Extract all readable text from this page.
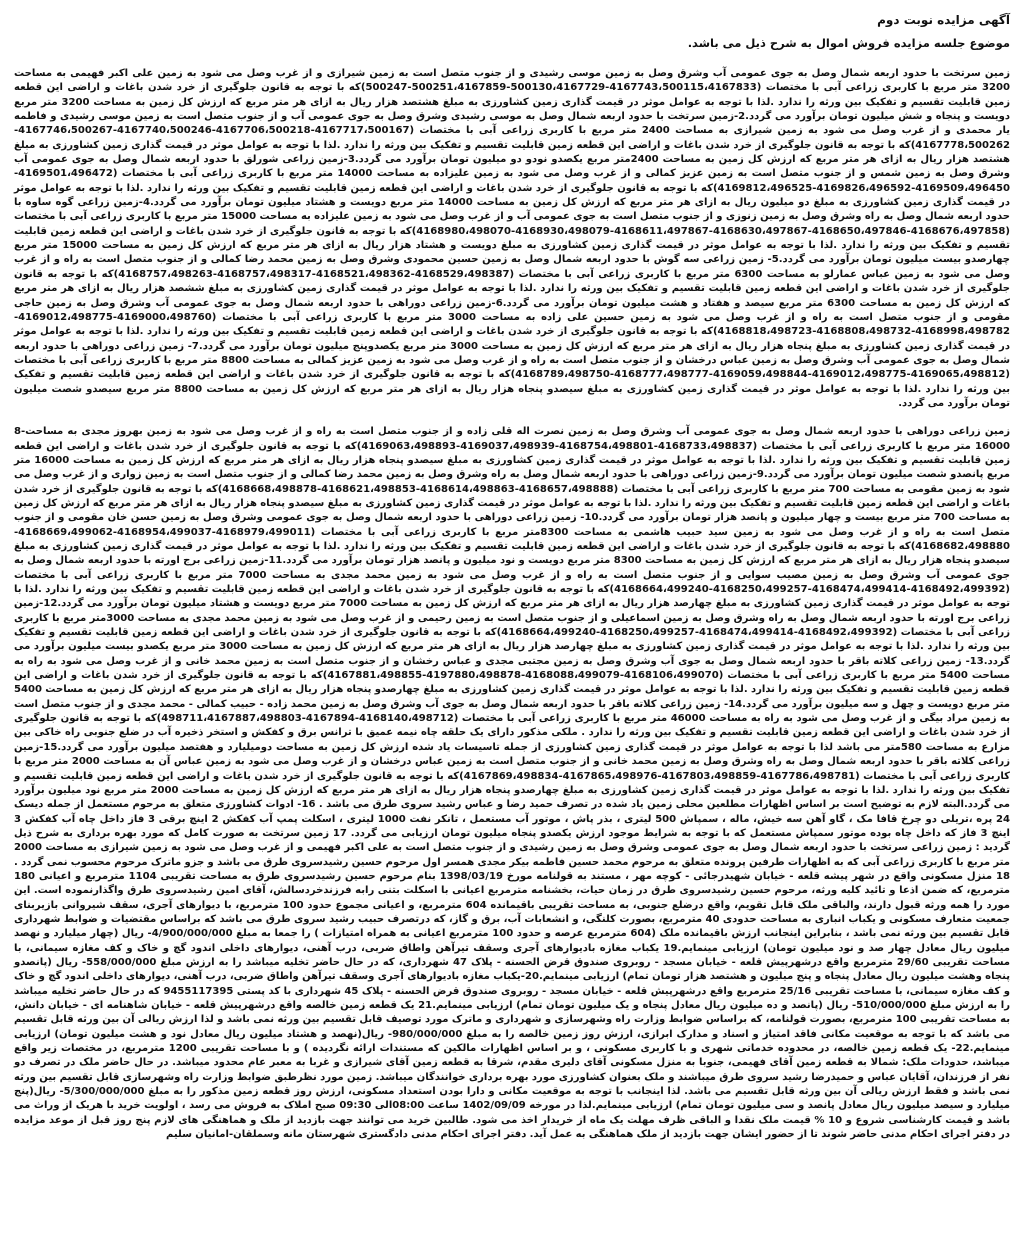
آگهی مزایده نوبت دوم

موضوع جلسه مزایده فروش اموال به شرح ذیل می باشد.

زمین سرتخت با حدود اربعه شمال وصل به جوی عمومی آب وشرق وصل به زمین موسی رشیدی و از جنوب متصل است به زمین شیرازی و از غرب وصل می شود به زمین علی اکبر فهیمی به مساحت 3200 متر مربع با کاربری زراعی آبی با مختصات (4167743،500115،4167833-500130،4167729-500251،4167859-500247)که با توجه به قانون جلوگیری از خرد شدن باغات و اراضی این قطعه زمین قابلیت تقسیم و تفکیک بین ورثه را ندارد .لذا با توجه به عوامل موثر در قیمت گذاری زمین کشاورزی به مبلغ هشتصد هزار ریال به ازای هر متر مربع که ارزش کل زمین به مساحت 3200 متر مربع دویست و پنجاه و شش میلیون تومان برآورد می گردد.2-زمین سرتخت با حدود اربعه شمال وصل به موسی رشیدی وشرق وصل به جوی عمومی آب و از جنوب متصل است به زمین موسی رشیدی و فاطمه یار محمدی و از غرب وصل می شود به زمین شیرازی به مساحت 2400 متر مربع با کاربری زراعی آبی با مختصات (4167717،500167-4167706،500218-4167740،500246-4167746،500267-4167778،500262)که با توجه به قانون جلوگیری از خرد شدن باغات و اراضی این قطعه زمین قابلیت تقسیم و تفکیک بین ورثه را ندارد .لذا با توجه به عوامل موثر در قیمت گذاری زمین کشاورزی به مبلغ هشتصد هزار ریال به ازای هر متر مربع که ارزش کل زمین به مساحت 2400متر مربع یکصدو نودو دو میلیون تومان برآورد می گردد.3-زمین زراعی شورلق با حدود اربعه شمال وصل به جوی عمومی آب وشرق وصل به زمین شمس و از جنوب متصل است به زمین عزیز کمالی و از غرب وصل می شود به زمین علیزاده به مساحت 14000 متر مربع با کاربری زراعی آبی با مختصات (4169501،496472-4169509،496450-4169826،496592-4169812،496525)که با توجه به قانون جلوگیری از خرد شدن باغات و اراضی این قطعه زمین قابلیت تقسیم و تفکیک بین ورثه را ندارد .لذا با توجه به عوامل موثر در قیمت گذاری زمین کشاورزی به مبلغ دو میلیون ریال به ازای هر متر مربع که ارزش کل زمین به مساحت 14000 متر مربع دویست و هشتاد میلیون تومان برآورد می گردد.4-زمین زراعی گوه ساوه با حدود اربعه شمال وصل به راه وشرق وصل به زمین زنوزی و از جنوب متصل است به جوی عمومی آب و از غرب وصل می شود به زمین علیزاده به مساحت 15000 متر مربع با کاربری زراعی آبی با مختصات (4168676،497858-4168650،497846-4168630،497867-4168611،497867-4168930،498079-4168980،498070)که با توجه به قانون جلوگیری از خرد شدن باغات و اراضی این قطعه زمین قابلیت تقسیم و تفکیک بین ورثه را ندارد .لذا با توجه به عوامل موثر در قیمت گذاری زمین کشاورزی به مبلغ دویست و هشتاد هزار ریال به ازای هر متر مربع که ارزش کل زمین به مساحت 15000 متر مربع چهارصدو بیست میلیون تومان برآورد می گردد.5- زمین زراعی سه گوش با حدود اربعه شمال وصل به زمین حسین محمودی وشرق وصل به زمین محمد رضا کمالی و از جنوب متصل است به راه و از غرب وصل می شود به زمین عباس عمارلو به مساحت 6300 متر مربع با کاربری زراعی آبی با مختصات (4168529،498387-4168521،498362-4168757،498317-4168757،498263)که با توجه به قانون جلوگیری از خرد شدن باغات و اراضی این قطعه زمین قابلیت تقسیم و تفکیک بین ورثه را ندارد .لذا با توجه به عوامل موثر در قیمت گذاری زمین کشاورزی به مبلغ ششصد هزار ریال به ازای هر متر مربع که ارزش کل زمین به مساحت 6300 متر مربع سیصد و هفتاد و هشت میلیون تومان برآورد می گردد.6-زمین زراعی دوراهی با حدود اربعه شمال وصل به جوی عمومی آب وشرق وصل به زمین حاجی مقومی و از جنوب متصل است به راه و از غرب وصل می شود به زمین حسین علی زاده به مساحت 3000 متر مربع با کاربری زراعی آبی با مختصات (4169000،498760-4169012،498775-4168998،498782-4168808،498732-4168818،498723)که با توجه به قانون جلوگیری از خرد شدن باغات و اراضی این قطعه زمین قابلیت تقسیم و تفکیک بین ورثه را ندارد .لذا با توجه به عوامل موثر در قیمت گذاری زمین کشاورزی به مبلغ پنجاه هزار ریال به ازای هر متر مربع که ارزش کل زمین به مساحت 3000 متر مربع یکصدوپنج میلیون تومان برآورد می گردد.7- زمین زراعی دوراهی با حدود اربعه شمال وصل به جوی عمومی آب وشرق وصل به زمین عباس درخشان و از جنوب متصل است به راه و از غرب وصل می شود به زمین عزیز کمالی به مساحت 8800 متر مربع با کاربری زراعی آبی با مختصات (4169065،498812-4169012،498775-4169059،498844-4168777،498777-4168789،498750)که با توجه به قانون جلوگیری از خرد شدن باغات و اراضی این قطعه زمین قابلیت تقسیم و تفکیک بین ورثه را ندارد .لذا با توجه به عوامل موثر در قیمت گذاری زمین کشاورزی به مبلغ سیصدو پنجاه هزار ریال به ازای هر متر مربع که ارزش کل زمین به مساحت 8800 متر مربع سیصدو شصت میلیون تومان برآورد می گردد.

زمین زراعی دوراهی با حدود اربعه شمال وصل به جوی عمومی آب وشرق وصل به زمین نصرت اله قلی زاده و از جنوب متصل است به راه و از غرب وصل می شود به زمین بهروز مجدی به مساحت-8 16000 متر مربع با کاربری زراعی آبی با مختصات (4168733،498837-4168754،498801-4169037،498939-4169063،498893)که با توجه به قانون جلوگیری از خرد شدن باغات و اراضی این قطعه زمین قابلیت تقسیم و تفکیک بین ورثه را ندارد .لذا با توجه به عوامل موثر در قیمت گذاری زمین کشاورزی به مبلغ سیصدو پنجاه هزار ریال به ازای هر متر مربع که ارزش کل زمین به مساحت 16000 متر مربع پانصدو شصت میلیون تومان برآورد می گردد.9-زمین زراعی دوراهی با حدود اربعه شمال وصل به راه وشرق وصل به زمین محمد رضا کمالی و از جنوب متصل است به زمین زواری و از غرب وصل می شود به زمین مقومی به مساحت 700 متر مربع با کاربری زراعی آبی با مختصات (4168657،498888-4168614،498863-4168621،498853-4168668،498878)که با توجه به قانون جلوگیری از خرد شدن باغات و اراضی این قطعه زمین قابلیت تقسیم و تفکیک بین ورثه را ندارد .لذا با توجه به عوامل موثر در قیمت گذاری زمین کشاورزی به مبلغ سیصدو پنجاه هزار ریال به ازای هر متر مربع که ارزش کل زمین به مساحت 700 متر مربع بیست و چهار میلیون و پانصد هزار تومان برآورد می گردد.10- زمین زراعی دوراهی با حدود اربعه شمال وصل به جوی عمومی وشرق وصل به زمین حسن خان مقومی و از جنوب متصل است به راه و از غرب وصل می شود به زمین سید حبیب هاشمی به مساحت 8300متر مربع با کاربری زراعی آبی با مختصات (4168979،499011-4168954،499037-4168669،499062-4168682،498880)که با توجه به قانون جلوگیری از خرد شدن باغات و اراضی این قطعه زمین قابلیت تقسیم و تفکیک بین ورثه را ندارد .لذا با توجه به عوامل موثر در قیمت گذاری زمین کشاورزی به مبلغ سیصدو پنجاه هزار ریال به ازای هر متر مربع که ارزش کل زمین به مساحت 8300 متر مربع دویست و نود میلیون و پانصد هزار تومان برآورد می گردد.11-زمین زراعی برج اورته با حدود اربعه شمال وصل به جوی عمومی آب وشرق وصل به زمین مصیب سوایی و از جنوب متصل است به راه و از غرب وصل می شود به زمین محمد مجدی به مساحت 7000 متر مربع با کاربری زراعی آبی با مختصات (4168492،499392-4168474،499414-4168250،499257-4168664،499240)که با توجه به قانون جلوگیری از خرد شدن باغات و اراضی این قطعه زمین قابلیت تقسیم و تفکیک بین ورثه را ندارد .لذا با توجه به عوامل موثر در قیمت گذاری زمین کشاورزی به مبلغ چهارصد هزار ریال به ازای هر متر مربع که ارزش کل زمین به مساحت 7000 متر مربع دویست و هشتاد میلیون تومان برآورد می گردد.12-زمین زراعی برج اورته با حدود اربعه شمال وصل به راه وشرق وصل به زمین اسماعیلی و از جنوب متصل است به زمین رحیمی و از غرب وصل می شود به زمین محمد مجدی به مساحت 3000متر مربع با کاربری زراعی آبی با مختصات (4168492،499392-4168474،499414-4168250،499257-4168664،499240)که با توجه به قانون جلوگیری از خرد شدن باغات و اراضی این قطعه زمین قابلیت تقسیم و تفکیک بین ورثه را ندارد .لذا با توجه به عوامل موثر در قیمت گذاری زمین کشاورزی به مبلغ چهارصد هزار ریال به ازای هر متر مربع که ارزش کل زمین به مساحت 3000 متر مربع یکصدو بیست میلیون برآورد می گردد.13- زمین زراعی کلاته باقر با حدود اربعه شمال وصل به جوی آب وشرق وصل به زمین مجتبی مجدی و عباس رخشان و از جنوب متصل است به زمین محمد خانی و از غرب وصل می شود به راه به مساحت 5400 متر مربع با کاربری زراعی آبی با مختصات (4168106،499070-4168088،499079-4197880،498878-4167881،498855)که با توجه به قانون جلوگیری از خرد شدن باغات و اراضی این قطعه زمین قابلیت تقسیم و تفکیک بین ورثه را ندارد .لذا با توجه به عوامل موثر در قیمت گذاری زمین کشاورزی به مبلغ چهارصدو پنجاه هزار ریال به ازای هر متر مربع که ارزش کل زمین به مساحت 5400 متر مربع دویست و چهل و سه میلیون برآورد می گردد.14- زمین زراعی کلاته باقر با حدود اربعه شمال وصل به جوی آب وشرق وصل به زمین محمد زاده - حبیب کمالی - محمد مجدی و از جنوب متصل است به زمین مراد بیگی و از غرب وصل می شود به راه به مساحت 46000 متر مربع با کاربری زراعی آبی با مختصات (4168140،498712-4167894-498711،4167887،498803)که با توجه به قانون جلوگیری از خرد شدن باغات و اراضی این قطعه زمین قابلیت تقسیم و تفکیک بین ورثه را ندارد . ملکی مذکور دارای یک حلقه چاه نیمه عمیق با ترانس برق و کفکش و استخر ذخیره آب در ضلع جنوبی راه خاکی بین مزارع به مساحت 580متر می باشد لذا با توجه به عوامل موثر در قیمت گذاری زمین کشاورزی از جمله تاسیسات یاد شده ارزش کل زمین به مساحت دومیلیارد و هفتصد میلیون برآورد می گردد.15-زمین زراعی کلاته باقر با حدود اربعه شمال وصل به راه وشرق وصل به زمین محمد خانی و از جنوب متصل است به زمین عباس درخشان و از غرب وصل می شود به زمین عباس آن به مساحت 2000 متر مربع با کاربری زراعی آبی با مختصات (4167786،498781-4167803،498859-4167865،498976-4167869،498834)که با توجه به قانون جلوگیری از خرد شدن باغات و اراضی این قطعه زمین قابلیت تقسیم و تفکیک بین ورثه را ندارد .لذا با توجه به عوامل موثر در قیمت گذاری زمین کشاورزی به مبلغ چهارصدو پنجاه هزار ریال به ازای هر متر مربع که ارزش کل زمین به مساحت 2000 متر مربع نود میلیون برآورد می گردد.البته لازم به توضیح است بر اساس اظهارات مطلعین محلی زمین یاد شده در تصرف حمید رضا و عباس رشید سروی طرق می باشد . 16- ادوات کشاورزی متعلق به مرحوم مستعمل از جمله دیسک 24 پره ،تریلی دو چرخ قافا مک ، گاو آهن سه خیش، ماله ، سمپاش 500 لیتری ، بذر پاش ، موتور آب مستعمل ، تانکر نفت 1000 لیتری ، اسکلت پمپ آب کفکش 2 اینچ برقی 3 فاز داخل چاه آب کفکش 3 اینچ 3 فاز که داخل چاه بوده موتور سمپاش مستعمل که با توجه به شرایط موجود ارزش یکصدو پنجاه میلیون تومان ارزیابی می گردد. 17 زمین سرتخت به صورت کامل که مورد بهره برداری به شرح ذیل گردید : زمین زراعی سرتخت با حدود اربعه شمال وصل به جوی عمومی وشرق وصل به زمین رشیدی و از جنوب متصل است به علی اکبر فهیمی و از غرب وصل می شود به زمین شیرازی به مساحت 2000 متر مربع با کاربری زراعی آبی که به اظهارات طرفین پرونده متعلق به مرحوم محمد حسین فاطمه بیکر مجدی همسر اول مرحوم حسین رشیدسروی طرق می باشد و جزو ماترک مرحوم محسوب نمی گردد . 18 منزل مسکونی واقع در شهر پیشه قلعه - خیابان شهیدرجائی - کوچه مهر ، مستند به قولنامه مورخ 1398/03/19 بنام مرحوم حسین رشیدسروی طرق به مساحت تقریبی 1104 مترمربع و اعیانی 180 مترمربع، که ضمن اذعا و تائید کلیه ورثه، مرحوم حسین رشیدسروی طرق در زمان حیات، بخشنامه مترمربع اعیانی با اسکلت بتنی رابه فرزندخردسالش، آقای امین رشیدسروی طرق واگذارنموده است. این مورد را همه ورثه قبول دارند، والباقی ملک قابل تقویم، واقع درضلع جنوبی، به مساحت تقریبی باقیمانده 604 مترمربع، و اعیانی مجموع حدود 100 مترمربع، با دیوارهای آجری، سقف شیروانی بازیربنای جمعیت متعارف مسکونی و یکباب انباری به مساحت حدودی 40 مترمربع، بصورت کلنگی، و انشعابات آب، برق و گاز، که درتصرف حبیب رشید سروی طرق می باشد که براساس مقتضیات و ضوابط شهرداری قابل تقسیم بین ورثه نمی باشد ، بنابراین اینجانب ارزش باقیمانده ملک (604 مترمربع عرصه و حدود 100 مترمربع اعیانی به همراه امتیازات ) را جمعا به مبلغ 4/900/000/000- ریال (چهار میلیارد و نهصد میلیون ریال معادل چهار صد و نود میلیون تومان) ارزیابی مینمایم.19 یکباب مغازه بادیوارهای آجری وسقف تیرآهن واطاق ضربی، درب آهنی، دیوارهای داخلی اندود گچ و خاک و کف مغازه سیمانی، با مساحت تقریبی 29/60 مترمربع واقع درشهرپیش قلعه - خیابان مسجد - روبروی صندوق قرض الحسنه - پلاک 47 شهرداری، که در حال حاضر تخلیه میباشد را به ارزش مبلغ 558/000/000- ریال (پانصدو پنجاه وهشت میلیون ریال معادل پنجاه و پنج میلیون و هشتصد هزار تومان تمام) ارزیابی مینمایم.20-یکباب مغازه بادیوارهای آجری وسقف تیرآهن واطاق ضربی، درب آهنی، دیوارهای داخلی اندود گچ و خاک و کف مغازه سیمانی، با مساحت تقریبی 25/16 مترمربع واقع درشهرپیش قلعه - خیابان مسجد - روبروی صندوق قرض الحسنه - پلاک 45 شهرداری با کد پستی 9455117395 که در حال حاضر تخلیه میباشد را به ارزش مبلغ 510/000/000- ریال (پانصد و ده میلیون ریال معادل پنجاه و یک میلیون تومان تمام) ارزیابی مینمایم.21 یک قطعه زمین خالصه واقع درشهرپیش قلعه - خیابان شاهنامه ای - خیابان دانش، به مساحت تقریبی 100 مترمربع، بصورت قولنامه، که براساس ضوابط وزارت راه وشهرسازی و شهرداری و ماترک مورد توصیف قابل تقسیم بین ورثه نمی باشد و لذا ارزش ریالی آن بین ورثه قابل تقسیم می باشد که با توجه به موقعیت مکانی فاقد امتیاز و اسناد و مدارک ابرازی، ارزش روز زمین خالصه را به مبلغ 980/000/000- ریال(نهصد و هشتاد میلیون ریال معادل نود و هشت میلیون تومان) ارزیابی مینمایم.22- یک قطعه زمین خالصه، در محدوده خدماتی شهری و با کاربری مسکونی ، و بر اساس اظهارات مالکین که مستندات ارائه نگردیده ) و با مساحت تقریبی 1200 مترمربع، در مختصات زیر واقع میباشد، حدودات ملک: شمالا به قطعه زمین آقای فهیمی، جنوبا به منزل مسکونی آقای دلیری مقدم، شرقا به قطعه زمین آقای شیرازی و غربا به معبر عام محدود میباشد. در حال حاضر ملک در تصرف دو نفر از فرزندان، آقایان عباس و حمیدرضا رشید سروی طرق میباشند و ملک بعنوان کشاورزی مورد بهره برداری خوانندگان میباشد. زمین مورد نظرطبق ضوابط وزارت راه وشهرسازی قابل تقسیم بین ورثه نمی باشد و فقط ارزش ریالی آن بین ورثه قابل تقسیم می باشد. لذا اینجانب با توجه به موقعیت مکانی و دارا بودن استعداد مسکونی، ارزش روز قطعه زمین مذکور را به مبلغ 5/300/000/000- ریال(پنج میلیارد و سیصد میلیون ریال معادل پانصد و سی میلیون تومان تمام) ارزیابی مینمایم.لذا در مورخه 1402/09/09 ساعت 08:00الی 09:30 صبح املاک به فروش می رسد ، اولویت خرید با هریک از وراث می باشد و قیمت کارشناسی شروع و 10 % قیمت ملک نقدا و الباقی ظرف مهلت یک ماه از خریدار اخذ می شود. طالبین خرید می توانند جهت بازدید از ملک و هماهنگی های لازم پنج روز قبل از موعد مزایده در دفتر اجرای احکام مدنی حاضر شوند تا از حضور ایشان جهت بازدید از ملک هماهنگی به عمل آید. دفتر اجرای احکام مدنی دادگستری شهرستان مانه وسملقان-امانیان سلیم
